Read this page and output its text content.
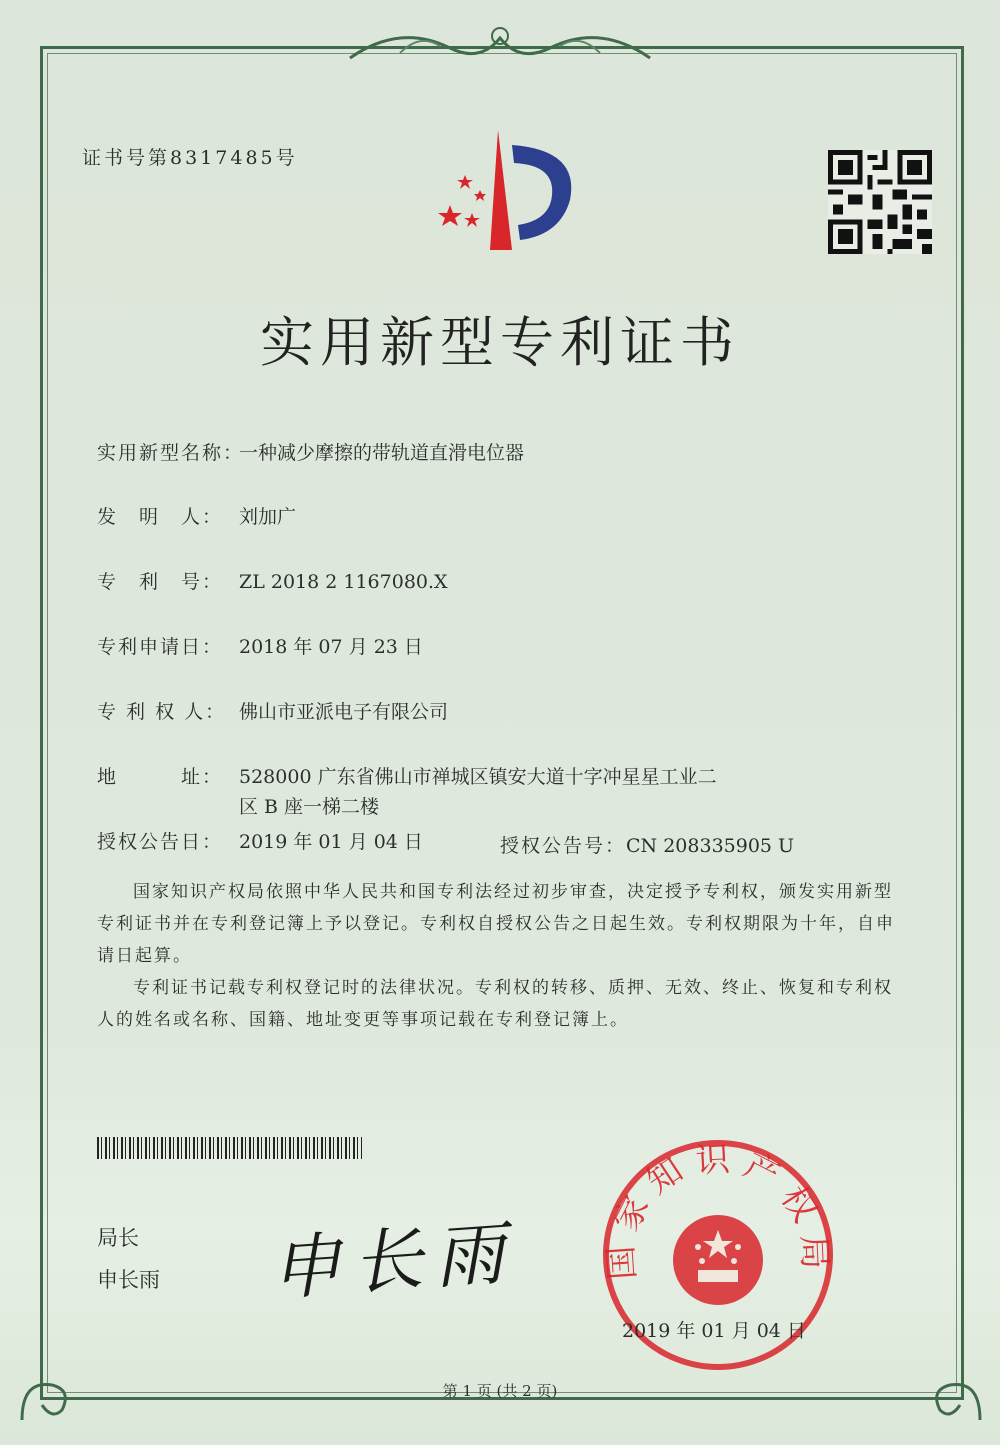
证书号第8317485号
实用新型专利证书
实用新型名称：一种减少摩擦的带轨道直滑电位器
发　明　人： 刘加广
专　利　号： ZL 2018 2 1167080.X
专利申请日： 2018 年 07 月 23 日
专 利 权 人： 佛山市亚派电子有限公司
地　　　址： 528000 广东省佛山市禅城区镇安大道十字冲星星工业二
区 B 座一梯二楼
授权公告日： 2019 年 01 月 04 日	授权公告号：CN 208335905 U
国家知识产权局依照中华人民共和国专利法经过初步审查，决定授予专利权，颁发实用新型专利证书并在专利登记簿上予以登记。专利权自授权公告之日起生效。专利权期限为十年，自申请日起算。
专利证书记载专利权登记时的法律状况。专利权的转移、质押、无效、终止、恢复和专利权人的姓名或名称、国籍、地址变更等事项记载在专利登记簿上。
局长
申长雨 申长雨 国 家 知 识 产 权 局
2019 年 01 月 04 日
第 1 页 (共 2 页)
